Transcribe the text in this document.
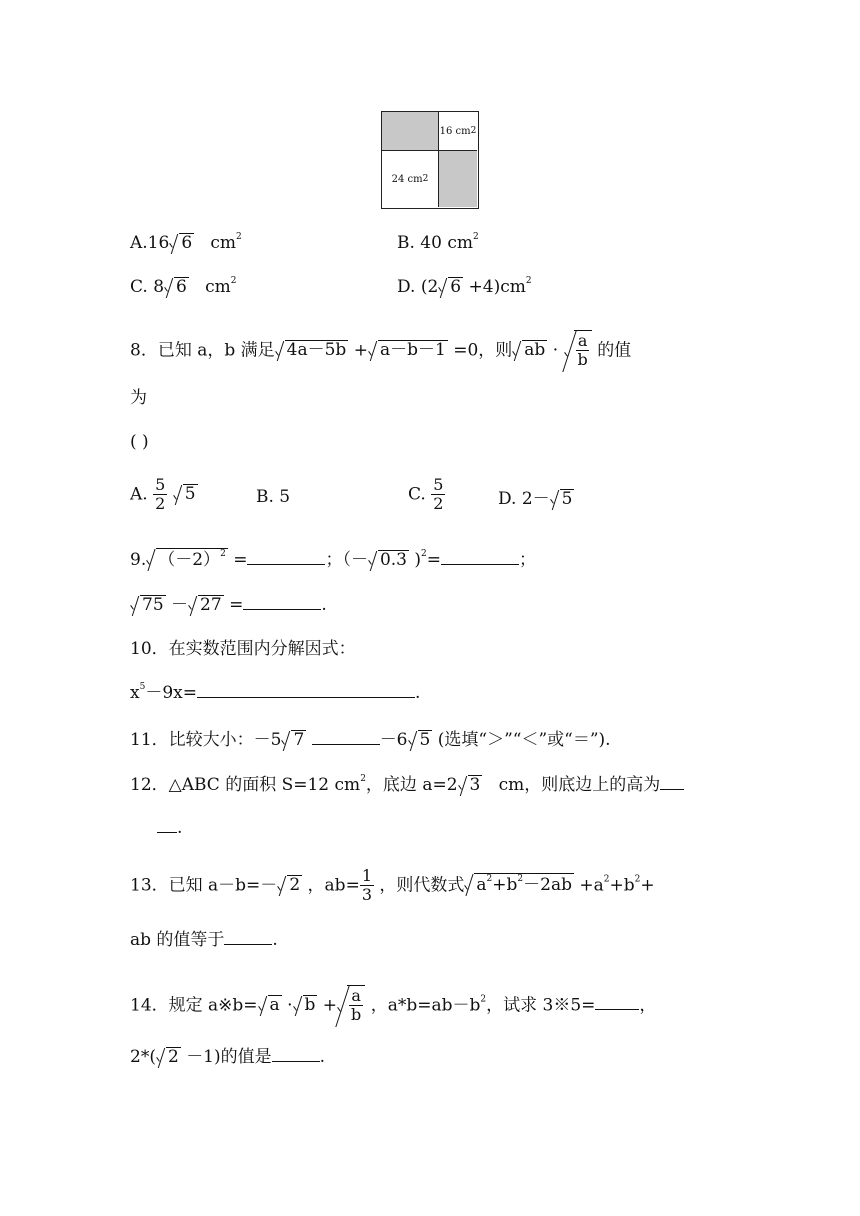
16 cm 2
24 cm 2
A.16 6 $cm^2$	B. 40 $cm^2$
C. 8 6 $cm^2$	D. (2 $6 +4)cm^2$
8．已知 a，b 满足 4a－5b + a－b－1 =0，则 ab · $\frac{a}{b}$ 的值
为
( )
A. $\frac{5}{2}$
5	B. 5	C. $\frac{5}{2}$	D. 2－ 5
9. $(-2)^2$ =	；（－ 0.3 )$^2$=	；
75 － 27 =	.
10．在实数范围内分解因式：
$x^5-9x=$	.
11．比较大小：－5 7	－6 5 (选填“＞”“＜”或“＝”).
12．△ABC 的面积 S=12 $cm^2$，底边 a=2 3 cm，则底边上的高为
.
13．已知 a－b=－ 2 ，$ab= \frac{1}{3}$ ，则代数式 $a^2+b^2-2ab +a^2+b^2+$
ab 的值等于	.
14．规定 a※b= $a \cdot b + \frac{a}{b}$ ，$a*b=ab-b^2$，试求 3※5=	，
2*( 2 －1)的值是	.
